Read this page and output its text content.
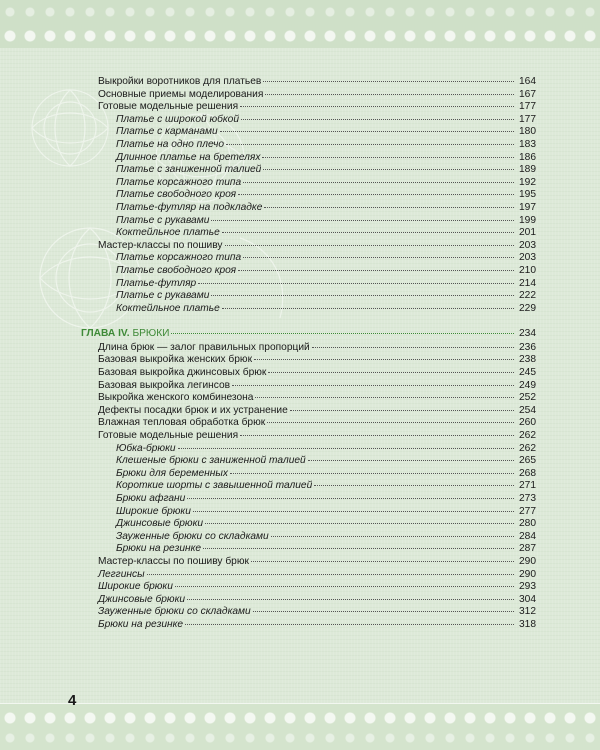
Выкройки воротников для платьев	164
Основные приемы моделирования	167
Готовые модельные решения	177
Платье с широкой юбкой	177
Платье с карманами	180
Платье на одно плечо	183
Длинное платье на бретелях	186
Платье с заниженной талией	189
Платье корсажного типа	192
Платье свободного кроя	195
Платье-футляр на подкладке	197
Платье с рукавами	199
Коктейльное платье	201
Мастер-классы по пошиву	203
Платье корсажного типа	203
Платье свободного кроя	210
Платье-футляр	214
Платье с рукавами	222
Коктейльное платье	229
ГЛАВА IV. БРЮКИ	234
Длина брюк — залог правильных пропорций	236
Базовая выкройка женских брюк	238
Базовая выкройка джинсовых брюк	245
Базовая выкройка легинсов	249
Выкройка женского комбинезона	252
Дефекты посадки брюк и их устранение	254
Влажная тепловая обработка брюк	260
Готовые модельные решения	262
Юбка-брюки	262
Клешеные брюки с заниженной талией	265
Брюки для беременных	268
Короткие шорты с завышенной талией	271
Брюки афгани	273
Широкие брюки	277
Джинсовые брюки	280
Зауженные брюки со складками	284
Брюки на резинке	287
Мастер-классы по пошиву брюк	290
Леггинсы	290
Широкие брюки	293
Джинсовые брюки	304
Зауженные брюки со складками	312
Брюки на резинке	318
4
